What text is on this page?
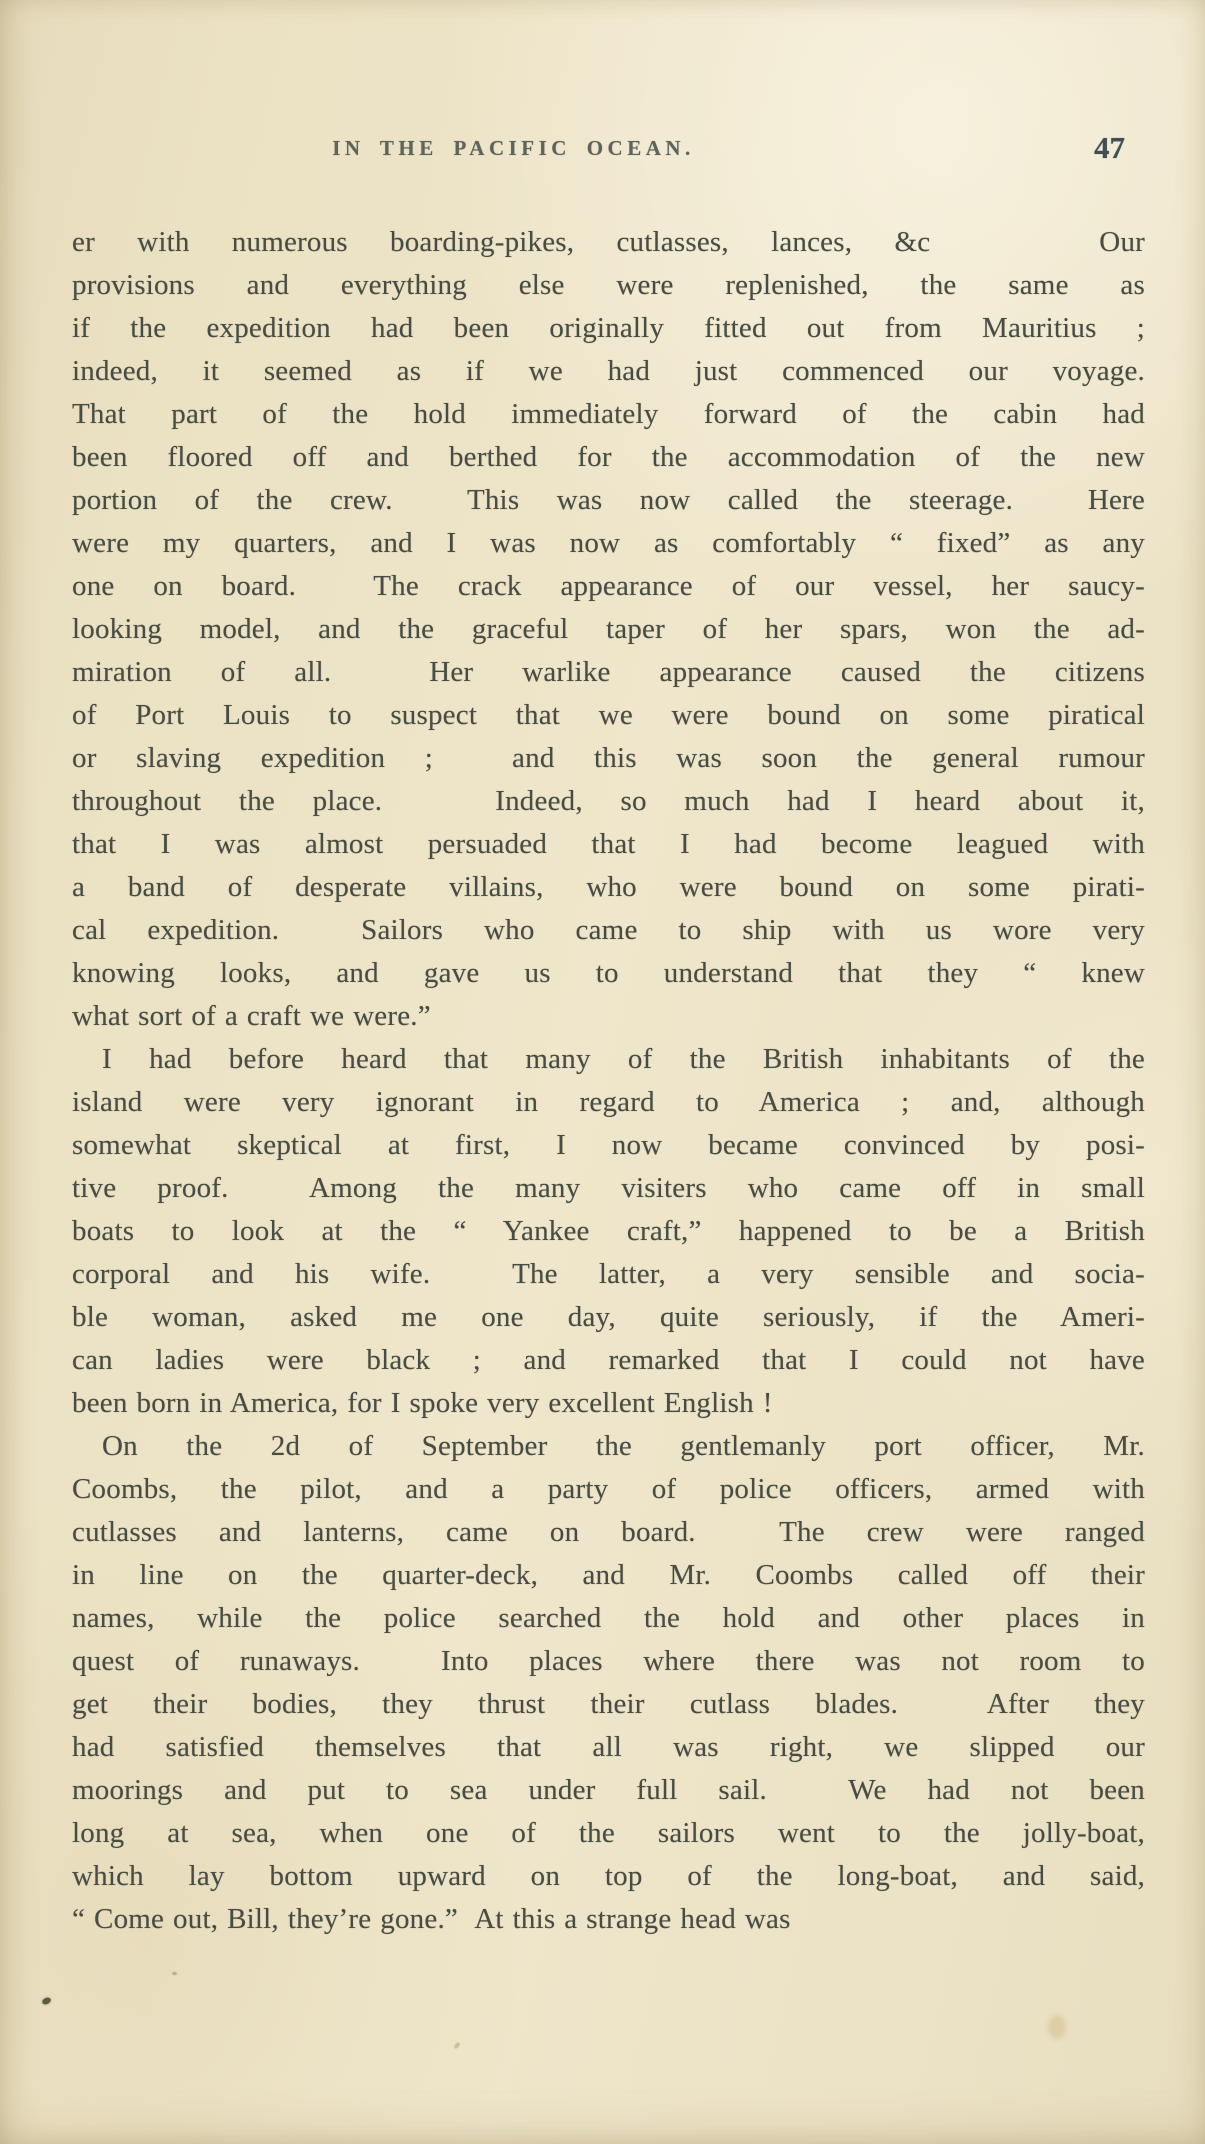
IN THE PACIFIC OCEAN.	47
er with numerous boarding-pikes, cutlasses, lances, &c    Our
provisions and everything else were replenished, the same as
if the expedition had been originally fitted out from Mauritius ;
indeed, it seemed as if we had just commenced our voyage.
That part of the hold immediately forward of the cabin had
been floored off and berthed for the accommodation of the new
portion of the crew.  This was now called the steerage.  Here
were my quarters, and I was now as comfortably “ fixed” as any
one on board.  The crack appearance of our vessel, her saucy-
looking model, and the graceful taper of her spars, won the ad-
miration of all.  Her warlike appearance caused the citizens
of Port Louis to suspect that we were bound on some piratical
or slaving expedition ;  and this was soon the general rumour
throughout the place.   Indeed, so much had I heard about it,
that I was almost persuaded that I had become leagued with
a band of desperate villains, who were bound on some pirati-
cal expedition.  Sailors who came to ship with us wore very
knowing looks, and gave us to understand that they “ knew
what sort of a craft we were.”
I had before heard that many of the British inhabitants of the
island were very ignorant in regard to America ; and, although
somewhat skeptical at first, I now became convinced by posi-
tive proof.  Among the many visiters who came off in small
boats to look at the “ Yankee craft,” happened to be a British
corporal and his wife.  The latter, a very sensible and socia-
ble woman, asked me one day, quite seriously, if the Ameri-
can ladies were black ; and remarked that I could not have
been born in America, for I spoke very excellent English !
On the 2d of September the gentlemanly port officer, Mr.
Coombs, the pilot, and a party of police officers, armed with
cutlasses and lanterns, came on board.  The crew were ranged
in line on the quarter-deck, and Mr. Coombs called off their
names, while the police searched the hold and other places in
quest of runaways.  Into places where there was not room to
get their bodies, they thrust their cutlass blades.  After they
had satisfied themselves that all was right, we slipped our
moorings and put to sea under full sail.  We had not been
long at sea, when one of the sailors went to the jolly-boat,
which lay bottom upward on top of the long-boat, and said,
“ Come out, Bill, they’re gone.”  At this a strange head was
